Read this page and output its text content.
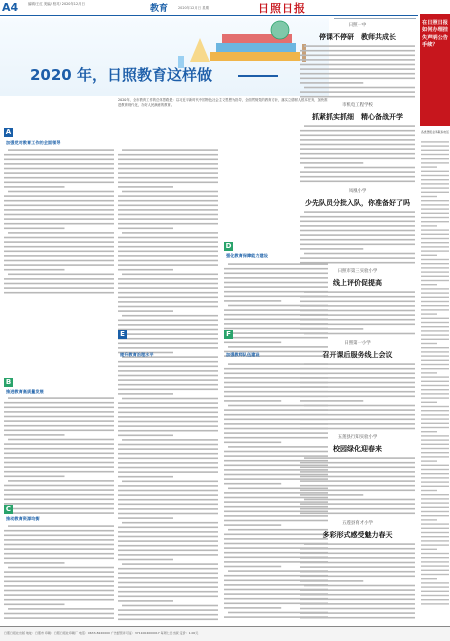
A4	编辑/王红 美编/ 校对/ 2020年12月日	教育	2020年12月日 星期	日照日报
2020 年，日照教育这样做
2020年，全市教育工作的总体思路是：以习近平新时代中国特色社会主义思想为指导，全面贯彻党的教育方针，落实立德树人根本任务，加快推进教育现代化，办好人民满意的教育。
A
加强党对教育工作的全面领导
B
推进教育高质量发展
C
推动教育资源均衡
D
强化教育保障能力建设
E
提升教育治理水平
F
加强教师队伍建设
日照一中
停课不停研　教师共成长
市机电工程学校
抓紧抓实抓细　精心备战开学
凤凰小学
少先队员分批入队，你准备好了吗
日照市第三实验小学
线上评价促提高
日照第一小学
召开课后服务线上会议
五莲县行知实验小学
校园绿化迎春来
五莲县育才小学
多彩形式感受魅力春天
在日照日报如何办理挂失声明公告手续？
各类登报业务联系电话
日照日报社出版 地址：日照市 印刷：日照日报社印刷厂 电话：0633-8220000 广告经营许可证：3711004000017 每周七日出版 定价：1.00元
